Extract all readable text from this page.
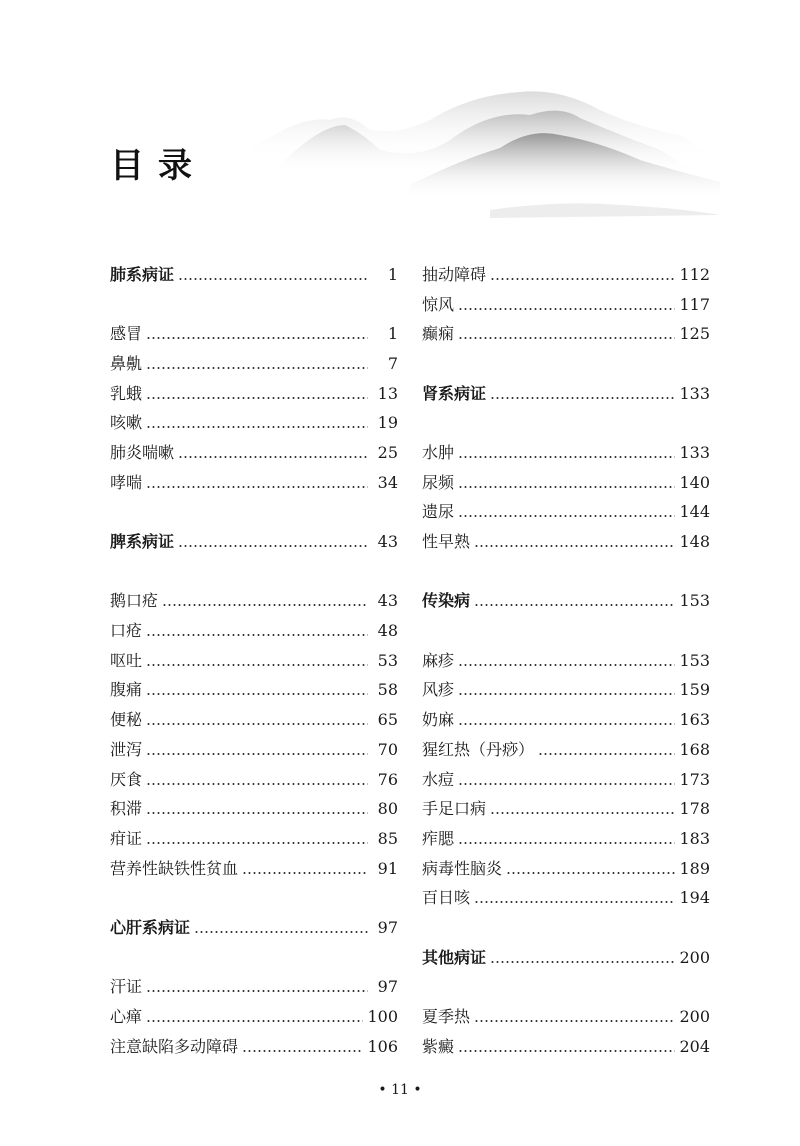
目录
肺系病证	1
感冒	1
鼻鼽	7
乳蛾	13
咳嗽	19
肺炎喘嗽	25
哮喘	34
脾系病证	43
鹅口疮	43
口疮	48
呕吐	53
腹痛	58
便秘	65
泄泻	70
厌食	76
积滞	80
疳证	85
营养性缺铁性贫血	91
心肝系病证	97
汗证	97
心瘅	100
注意缺陷多动障碍	106
抽动障碍	112
惊风	117
癫痫	125
肾系病证	133
水肿	133
尿频	140
遗尿	144
性早熟	148
传染病	153
麻疹	153
风疹	159
奶麻	163
猩红热（丹痧）	168
水痘	173
手足口病	178
痄腮	183
病毒性脑炎	189
百日咳	194
其他病证	200
夏季热	200
紫癜	204
• 11 •
